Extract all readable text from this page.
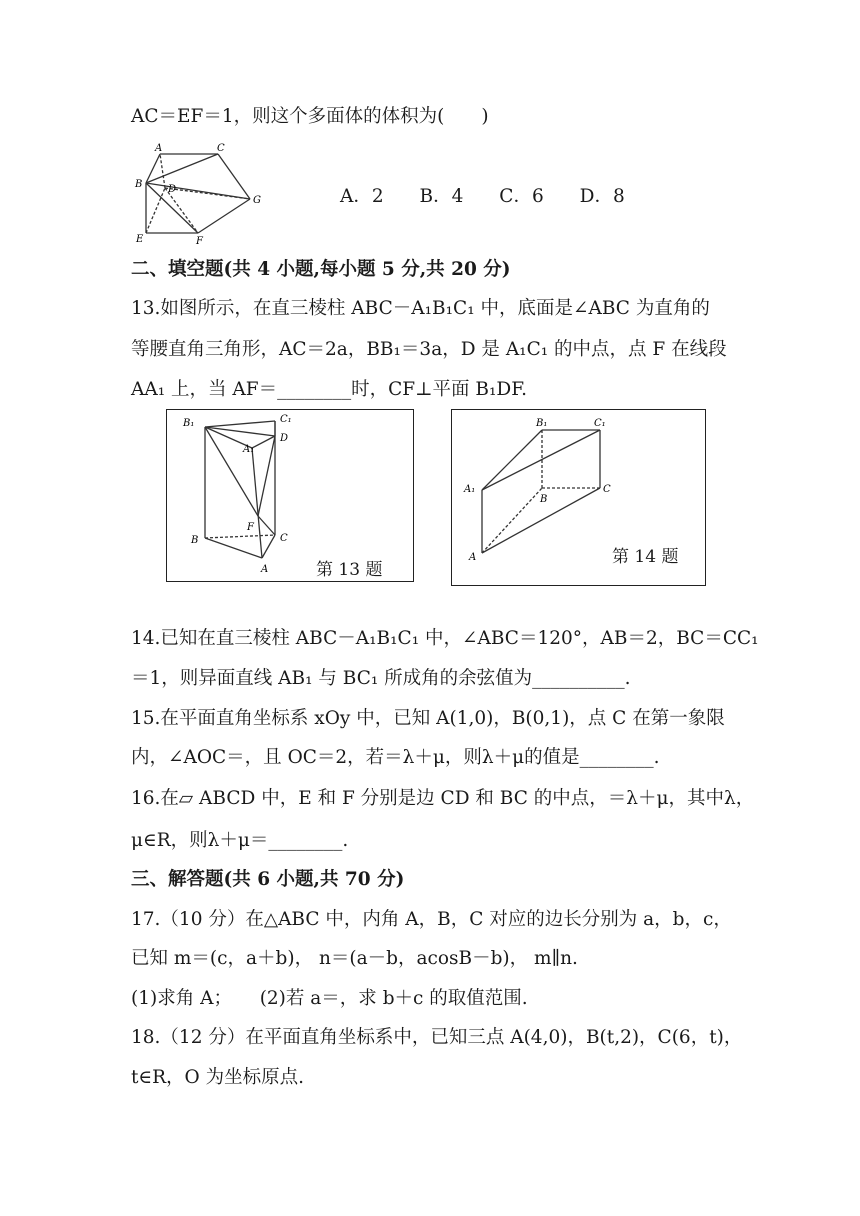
AC＝EF＝1，则这个多面体的体积为(　　)
A	C
B	D
G
E	F
A．2 B．4 C．6 D．8
二、填空题(共 4 小题,每小题 5 分,共 20 分)
13.如图所示，在直三棱柱 ABC－A₁B₁C₁ 中，底面是∠ABC 为直角的
等腰直角三角形，AC＝2a，BB₁＝3a，D 是 A₁C₁ 的中点，点 F 在线段
AA₁ 上，当 AF＝________时，CF⊥平面 B₁DF.
B₁	C₁
D
A₁
F
B	C
A	第 13 题
B₁	C₁
A₁
B
C
A	第 14 题
14.已知在直三棱柱 ABC－A₁B₁C₁ 中，∠ABC＝120°，AB＝2，BC＝CC₁
＝1，则异面直线 AB₁ 与 BC₁ 所成角的余弦值为__________.
15.在平面直角坐标系 xOy 中，已知 A(1,0)，B(0,1)，点 C 在第一象限
内，∠AOC＝，且 OC＝2，若＝λ＋μ，则λ＋μ的值是________.
16.在▱ ABCD 中，E 和 F 分别是边 CD 和 BC 的中点，＝λ＋μ，其中λ，
μ∈R，则λ＋μ＝________.
三、解答题(共 6 小题,共 70 分)
17.（10 分）在△ABC 中，内角 A，B，C 对应的边长分别为 a，b，c，
已知 m＝(c，a＋b)， n＝(a－b，acosB－b)， m∥n.
(1)求角 A；　　(2)若 a＝，求 b＋c 的取值范围.
18.（12 分）在平面直角坐标系中，已知三点 A(4,0)，B(t,2)，C(6，t)，
t∈R，O 为坐标原点.
